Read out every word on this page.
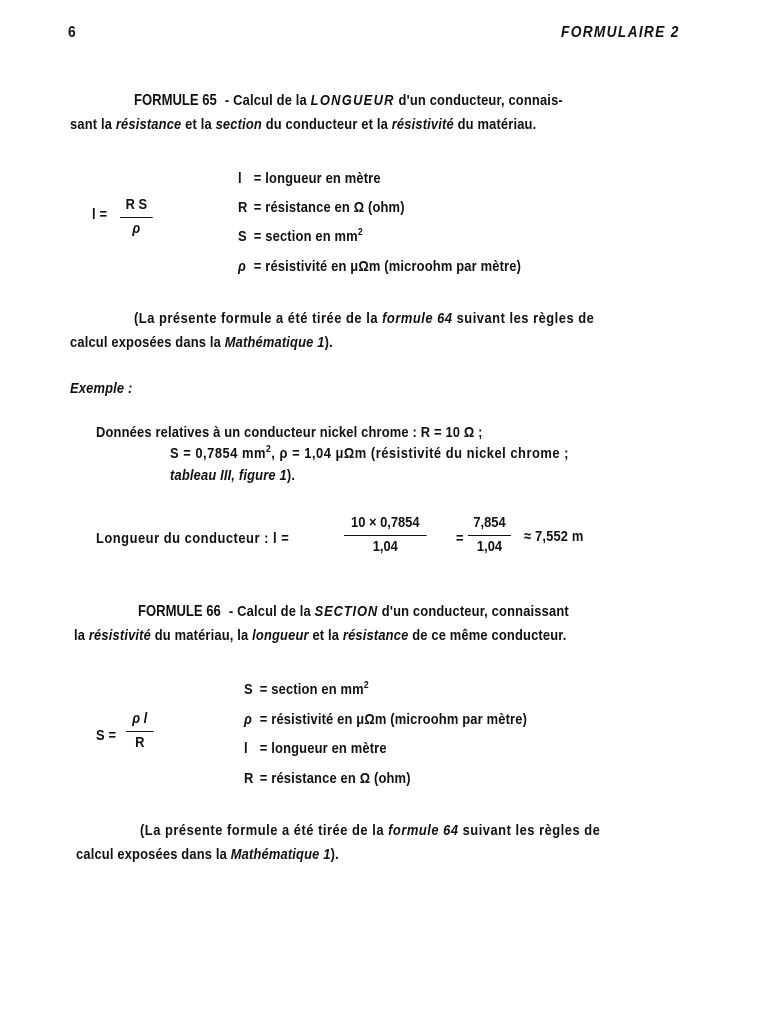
6	FORMULAIRE 2
FORMULE 65 - Calcul de la LONGUEUR d'un conducteur, connais-
sant la résistance et la section du conducteur et la résistivité du matériau.
l =
R S
ρ
l = longueur en mètre
R = résistance en Ω (ohm)
S = section en $mm^2$
ρ = résistivité en μΩm (microohm par mètre)
(La présente formule a été tirée de la formule 64 suivant les règles de
calcul exposées dans la Mathématique 1).
Exemple :
Données relatives à un conducteur nickel chrome : R = 10 Ω ;
S = 0,7854 $mm^2$, ρ = 1,04 μΩm (résistivité du nickel chrome ;
tableau III, figure 1).
Longueur du conducteur : l =
10 × 0,7854
1,04	=
7,854
1,04
≈ 7,552 m
FORMULE 66 - Calcul de la SECTION d'un conducteur, connaissant
la résistivité du matériau, la longueur et la résistance de ce même conducteur.
S =
ρ l
R
S = section en $mm^2$
ρ = résistivité en μΩm (microohm par mètre)
l = longueur en mètre
R = résistance en Ω (ohm)
(La présente formule a été tirée de la formule 64 suivant les règles de
calcul exposées dans la Mathématique 1).
